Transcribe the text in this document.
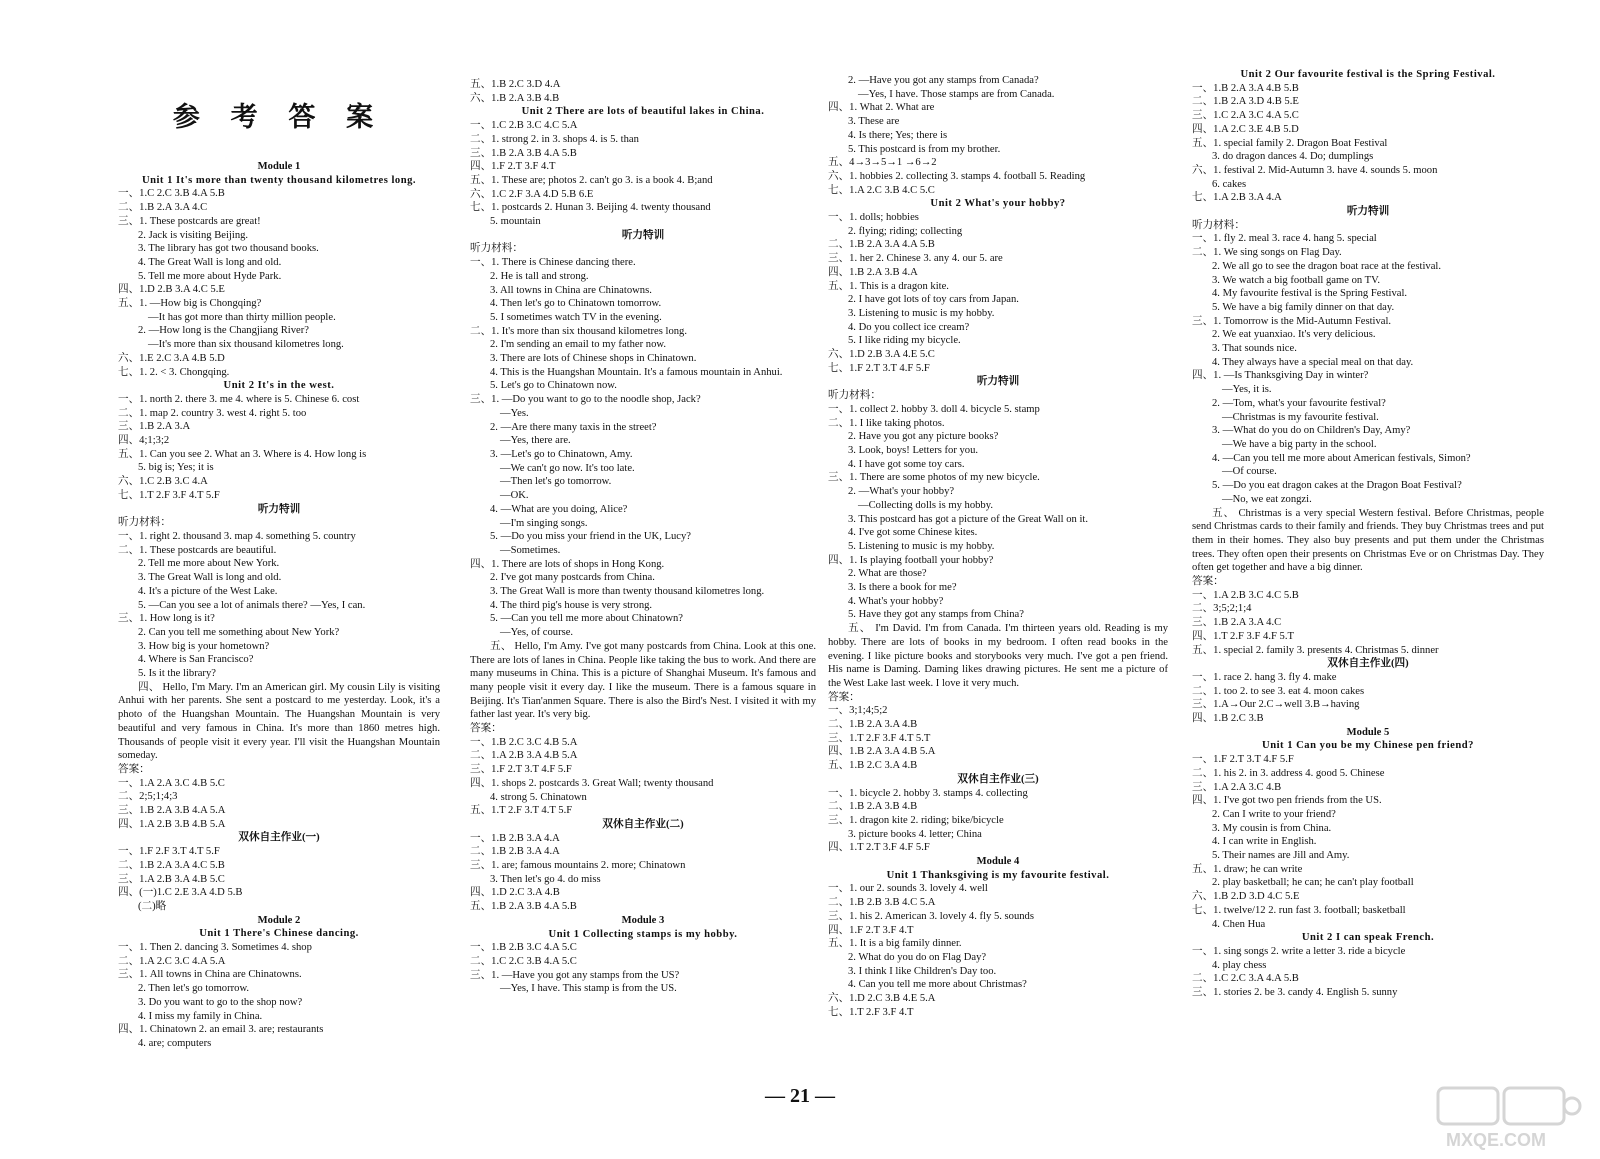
参 考 答 案
Module 1
Unit 1 It's more than twenty thousand kilometres long.
一、1.C 2.C 3.B 4.A 5.B
二、1.B 2.A 3.A 4.C
三、1. These postcards are great!
2. Jack is visiting Beijing.
3. The library has got two thousand books.
4. The Great Wall is long and old.
5. Tell me more about Hyde Park.
四、1.D 2.B 3.A 4.C 5.E
五、1. —How big is Chongqing?
—It has got more than thirty million people.
2. —How long is the Changjiang River?
—It's more than six thousand kilometres long.
六、1.E 2.C 3.A 4.B 5.D
七、1. 2. < 3. Chongqing.
Unit 2 It's in the west.
一、1. north 2. there 3. me 4. where is 5. Chinese 6. cost
二、1. map 2. country 3. west 4. right 5. too
三、1.B 2.A 3.A
四、4;1;3;2
五、1. Can you see 2. What an 3. Where is 4. How long is
5. big is; Yes; it is
六、1.C 2.B 3.C 4.A
七、1.T 2.F 3.F 4.T 5.F
听力特训
听力材料：
一、1. right 2. thousand 3. map 4. something 5. country
二、1. These postcards are beautiful.
2. Tell me more about New York.
3. The Great Wall is long and old.
4. It's a picture of the West Lake.
5. —Can you see a lot of animals there? —Yes, I can.
三、1. How long is it?
2. Can you tell me something about New York?
3. How big is your hometown?
4. Where is San Francisco?
5. Is it the library?
四、 Hello, I'm Mary. I'm an American girl. My cousin Lily is visiting Anhui with her parents. She sent a postcard to me yesterday. Look, it's a photo of the Huangshan Mountain. The Huangshan Mountain is very beautiful and very famous in China. It's more than 1860 metres high. Thousands of people visit it every year. I'll visit the Huangshan Mountain someday.
答案：
一、1.A 2.A 3.C 4.B 5.C
二、2;5;1;4;3
三、1.B 2.A 3.B 4.A 5.A
四、1.A 2.B 3.B 4.B 5.A
双休自主作业(一)
一、1.F 2.F 3.T 4.T 5.F
二、1.B 2.A 3.A 4.C 5.B
三、1.A 2.B 3.A 4.B 5.C
四、(一)1.C 2.E 3.A 4.D 5.B
(二)略
Module 2
Unit 1 There's Chinese dancing.
一、1. Then 2. dancing 3. Sometimes 4. shop
二、1.A 2.C 3.C 4.A 5.A
三、1. All towns in China are Chinatowns.
2. Then let's go tomorrow.
3. Do you want to go to the shop now?
4. I miss my family in China.
四、1. Chinatown 2. an email 3. are; restaurants
4. are; computers
五、1.B 2.C 3.D 4.A
六、1.B 2.A 3.B 4.B
Unit 2 There are lots of beautiful lakes in China.
一、1.C 2.B 3.C 4.C 5.A
二、1. strong 2. in 3. shops 4. is 5. than
三、1.B 2.A 3.B 4.A 5.B
四、1.F 2.T 3.F 4.T
五、1. These are; photos 2. can't go 3. is a book 4. B;and
六、1.C 2.F 3.A 4.D 5.B 6.E
七、1. postcards 2. Hunan 3. Beijing 4. twenty thousand
5. mountain
听力特训
听力材料：
一、1. There is Chinese dancing there.
2. He is tall and strong.
3. All towns in China are Chinatowns.
4. Then let's go to Chinatown tomorrow.
5. I sometimes watch TV in the evening.
二、1. It's more than six thousand kilometres long.
2. I'm sending an email to my father now.
3. There are lots of Chinese shops in Chinatown.
4. This is the Huangshan Mountain. It's a famous mountain in Anhui.
5. Let's go to Chinatown now.
三、1. —Do you want to go to the noodle shop, Jack?
—Yes.
2. —Are there many taxis in the street?
—Yes, there are.
3. —Let's go to Chinatown, Amy.
—We can't go now. It's too late.
—Then let's go tomorrow.
—OK.
4. —What are you doing, Alice?
—I'm singing songs.
5. —Do you miss your friend in the UK, Lucy?
—Sometimes.
四、1. There are lots of shops in Hong Kong.
2. I've got many postcards from China.
3. The Great Wall is more than twenty thousand kilometres long.
4. The third pig's house is very strong.
5. —Can you tell me more about Chinatown?
—Yes, of course.
五、 Hello, I'm Amy. I've got many postcards from China. Look at this one. There are lots of lanes in China. People like taking the bus to work. And there are many museums in China. This is a picture of Shanghai Museum. It's famous and many people visit it every day. I like the museum. There is a famous square in Beijing. It's Tian'anmen Square. There is also the Bird's Nest. I visited it with my father last year. It's very big.
答案：
一、1.B 2.C 3.C 4.B 5.A
二、1.A 2.B 3.A 4.B 5.A
三、1.F 2.T 3.T 4.F 5.F
四、1. shops 2. postcards 3. Great Wall; twenty thousand
4. strong 5. Chinatown
五、1.T 2.F 3.T 4.T 5.F
双休自主作业(二)
一、1.B 2.B 3.A 4.A
二、1.B 2.B 3.A 4.A
三、1. are; famous mountains 2. more; Chinatown
3. Then let's go 4. do miss
四、1.D 2.C 3.A 4.B
五、1.B 2.A 3.B 4.A 5.B
Module 3
Unit 1 Collecting stamps is my hobby.
一、1.B 2.B 3.C 4.A 5.C
二、1.C 2.C 3.B 4.A 5.C
三、1. —Have you got any stamps from the US?
—Yes, I have. This stamp is from the US.
2. —Have you got any stamps from Canada?
—Yes, I have. Those stamps are from Canada.
四、1. What 2. What are
3. These are
4. Is there; Yes; there is
5. This postcard is from my brother.
五、4→3→5→1 →6→2
六、1. hobbies 2. collecting 3. stamps 4. football 5. Reading
七、1.A 2.C 3.B 4.C 5.C
Unit 2 What's your hobby?
一、1. dolls; hobbies
2. flying; riding; collecting
二、1.B 2.A 3.A 4.A 5.B
三、1. her 2. Chinese 3. any 4. our 5. are
四、1.B 2.A 3.B 4.A
五、1. This is a dragon kite.
2. I have got lots of toy cars from Japan.
3. Listening to music is my hobby.
4. Do you collect ice cream?
5. I like riding my bicycle.
六、1.D 2.B 3.A 4.E 5.C
七、1.F 2.T 3.T 4.F 5.F
听力特训
听力材料：
一、1. collect 2. hobby 3. doll 4. bicycle 5. stamp
二、1. I like taking photos.
2. Have you got any picture books?
3. Look, boys! Letters for you.
4. I have got some toy cars.
三、1. There are some photos of my new bicycle.
2. —What's your hobby?
—Collecting dolls is my hobby.
3. This postcard has got a picture of the Great Wall on it.
4. I've got some Chinese kites.
5. Listening to music is my hobby.
四、1. Is playing football your hobby?
2. What are those?
3. Is there a book for me?
4. What's your hobby?
5. Have they got any stamps from China?
五、 I'm David. I'm from Canada. I'm thirteen years old. Reading is my hobby. There are lots of books in my bedroom. I often read books in the evening. I like picture books and storybooks very much. I've got a pen friend. His name is Daming. Daming likes drawing pictures. He sent me a picture of the West Lake last week. I love it very much.
答案：
一、3;1;4;5;2
二、1.B 2.A 3.A 4.B
三、1.T 2.F 3.F 4.T 5.T
四、1.B 2.A 3.A 4.B 5.A
五、1.B 2.C 3.A 4.B
双休自主作业(三)
一、1. bicycle 2. hobby 3. stamps 4. collecting
二、1.B 2.A 3.B 4.B
三、1. dragon kite 2. riding; bike/bicycle
3. picture books 4. letter; China
四、1.T 2.T 3.F 4.F 5.F
Module 4
Unit 1 Thanksgiving is my favourite festival.
一、1. our 2. sounds 3. lovely 4. well
二、1.B 2.B 3.B 4.C 5.A
三、1. his 2. American 3. lovely 4. fly 5. sounds
四、1.F 2.T 3.F 4.T
五、1. It is a big family dinner.
2. What do you do on Flag Day?
3. I think I like Children's Day too.
4. Can you tell me more about Christmas?
六、1.D 2.C 3.B 4.E 5.A
七、1.T 2.F 3.F 4.T
Unit 2 Our favourite festival is the Spring Festival.
一、1.B 2.A 3.A 4.B 5.B
二、1.B 2.A 3.D 4.B 5.E
三、1.C 2.A 3.C 4.A 5.C
四、1.A 2.C 3.E 4.B 5.D
五、1. special family 2. Dragon Boat Festival
3. do dragon dances 4. Do; dumplings
六、1. festival 2. Mid-Autumn 3. have 4. sounds 5. moon
6. cakes
七、1.A 2.B 3.A 4.A
听力特训
听力材料：
一、1. fly 2. meal 3. race 4. hang 5. special
二、1. We sing songs on Flag Day.
2. We all go to see the dragon boat race at the festival.
3. We watch a big football game on TV.
4. My favourite festival is the Spring Festival.
5. We have a big family dinner on that day.
三、1. Tomorrow is the Mid-Autumn Festival.
2. We eat yuanxiao. It's very delicious.
3. That sounds nice.
4. They always have a special meal on that day.
四、1. —Is Thanksgiving Day in winter?
—Yes, it is.
2. —Tom, what's your favourite festival?
—Christmas is my favourite festival.
3. —What do you do on Children's Day, Amy?
—We have a big party in the school.
4. —Can you tell me more about American festivals, Simon?
—Of course.
5. —Do you eat dragon cakes at the Dragon Boat Festival?
—No, we eat zongzi.
五、 Christmas is a very special Western festival. Before Christmas, people send Christmas cards to their family and friends. They buy Christmas trees and put them in their homes. They also buy presents and put them under the Christmas trees. They often open their presents on Christmas Eve or on Christmas Day. They often get together and have a big dinner.
答案：
一、1.A 2.B 3.C 4.C 5.B
二、3;5;2;1;4
三、1.B 2.A 3.A 4.C
四、1.T 2.F 3.F 4.F 5.T
五、1. special 2. family 3. presents 4. Christmas 5. dinner
双休自主作业(四)
一、1. race 2. hang 3. fly 4. make
二、1. too 2. to see 3. eat 4. moon cakes
三、1.A→Our 2.C→well 3.B→having
四、1.B 2.C 3.B
Module 5
Unit 1 Can you be my Chinese pen friend?
一、1.F 2.T 3.T 4.F 5.F
二、1. his 2. in 3. address 4. good 5. Chinese
三、1.A 2.A 3.C 4.B
四、1. I've got two pen friends from the US.
2. Can I write to your friend?
3. My cousin is from China.
4. I can write in English.
5. Their names are Jill and Amy.
五、1. draw; he can write
2. play basketball; he can; he can't play football
六、1.B 2.D 3.D 4.C 5.E
七、1. twelve/12 2. run fast 3. football; basketball
4. Chen Hua
Unit 2 I can speak French.
一、1. sing songs 2. write a letter 3. ride a bicycle
4. play chess
二、1.C 2.C 3.A 4.A 5.B
三、1. stories 2. be 3. candy 4. English 5. sunny
— 21 —
MXQE.COM
